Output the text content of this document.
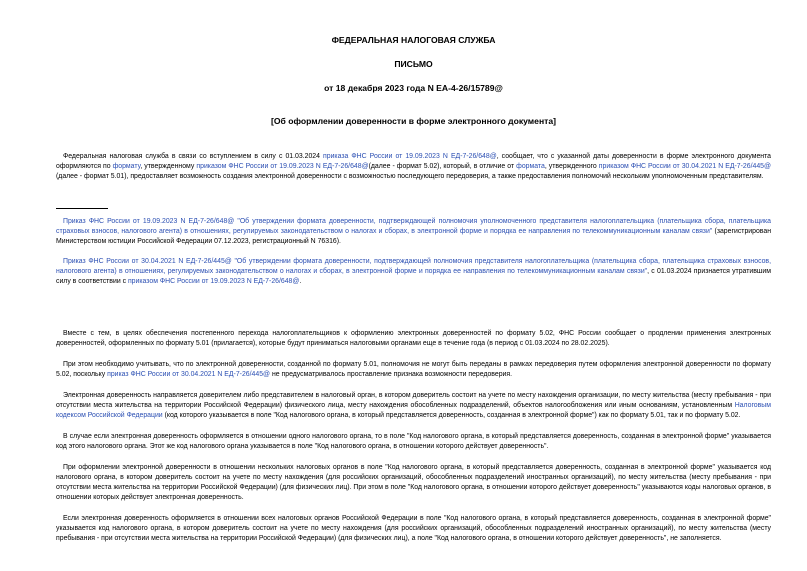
ФЕДЕРАЛЬНАЯ НАЛОГОВАЯ СЛУЖБА
ПИСЬМО
от 18 декабря 2023 года N ЕА-4-26/15789@
[Об оформлении доверенности в форме электронного документа]

Федеральная налоговая служба в связи со вступлением в силу с 01.03.2024 приказа ФНС России от 19.09.2023 N ЕД-7-26/648@, сообщает, что с указанной даты доверенности в форме электронного документа оформляются по формату, утвержденному приказом ФНС России от 19.09.2023 N ЕД-7-26/648@(далее - формат 5.02), который, в отличие от формата, утвержденного приказом ФНС России от 30.04.2021 N ЕД-7-26/445@ (далее - формат 5.01), предоставляет возможность создания электронной доверенности с возможностью последующего передоверия, а также предоставления полномочий нескольким уполномоченным представителям.

Приказ ФНС России от 19.09.2023 N ЕД-7-26/648@ "Об утверждении формата доверенности, подтверждающей полномочия уполномоченного представителя налогоплательщика (плательщика сбора, плательщика страховых взносов, налогового агента) в отношениях, регулируемых законодательством о налогах и сборах, в электронной форме и порядка ее направления по телекоммуникационным каналам связи" (зарегистрирован Министерством юстиции Российской Федерации 07.12.2023, регистрационный N 76316).

Приказ ФНС России от 30.04.2021 N ЕД-7-26/445@ "Об утверждении формата доверенности, подтверждающей полномочия представителя налогоплательщика (плательщика сбора, плательщика страховых взносов, налогового агента) в отношениях, регулируемых законодательством о налогах и сборах, в электронной форме и порядка ее направления по телекоммуникационным каналам связи", с 01.03.2024 признается утратившим силу в соответствии с приказом ФНС России от 19.09.2023 N ЕД-7-26/648@.

Вместе с тем, в целях обеспечения постепенного перехода налогоплательщиков к оформлению электронных доверенностей по формату 5.02, ФНС России сообщает о продлении применения электронных доверенностей, оформленных по формату 5.01 (прилагается), которые будут приниматься налоговыми органами еще в течение года (в период с 01.03.2024 по 28.02.2025).

При этом необходимо учитывать, что по электронной доверенности, созданной по формату 5.01, полномочия не могут быть переданы в рамках передоверия путем оформления электронной доверенности по формату 5.02, поскольку приказ ФНС России от 30.04.2021 N ЕД-7-26/445@ не предусматривалось проставление признака возможности передоверия.

Электронная доверенность направляется доверителем либо представителем в налоговый орган, в котором доверитель состоит на учете по месту нахождения организации, по месту жительства (месту пребывания - при отсутствии места жительства на территории Российской Федерации) физического лица, месту нахождения обособленных подразделений, объектов налогообложения или иным основаниям, установленным Налоговым кодексом Российской Федерации (код которого указывается в поле "Код налогового органа, в который представляется доверенность, созданная в электронной форме") как по формату 5.01, так и по формату 5.02.

В случае если электронная доверенность оформляется в отношении одного налогового органа, то в поле "Код налогового органа, в который представляется доверенность, созданная в электронной форме" указывается код этого налогового органа. Этот же код налогового органа указывается в поле "Код налогового органа, в отношении которого действует доверенность".

При оформлении электронной доверенности в отношении нескольких налоговых органов в поле "Код налогового органа, в который представляется доверенность, созданная в электронной форме" указывается код налогового органа, в котором доверитель состоит на учете по месту нахождения (для российских организаций, обособленных подразделений иностранных организаций), по месту жительства (месту пребывания - при отсутствии места жительства на территории Российской Федерации) (для физических лиц). При этом в поле "Код налогового органа, в отношении которого действует доверенность" указываются коды налоговых органов, в отношении которых действует электронная доверенность.

Если электронная доверенность оформляется в отношении всех налоговых органов Российской Федерации в поле "Код налогового органа, в который представляется доверенность, созданная в электронной форме" указывается код налогового органа, в котором доверитель состоит на учете по месту нахождения (для российских организаций, обособленных подразделений иностранных организаций), по месту жительства (месту пребывания - при отсутствии места жительства на территории Российской Федерации) (для физических лиц), а поле "Код налогового органа, в отношении которого действует доверенность", не заполняется.
